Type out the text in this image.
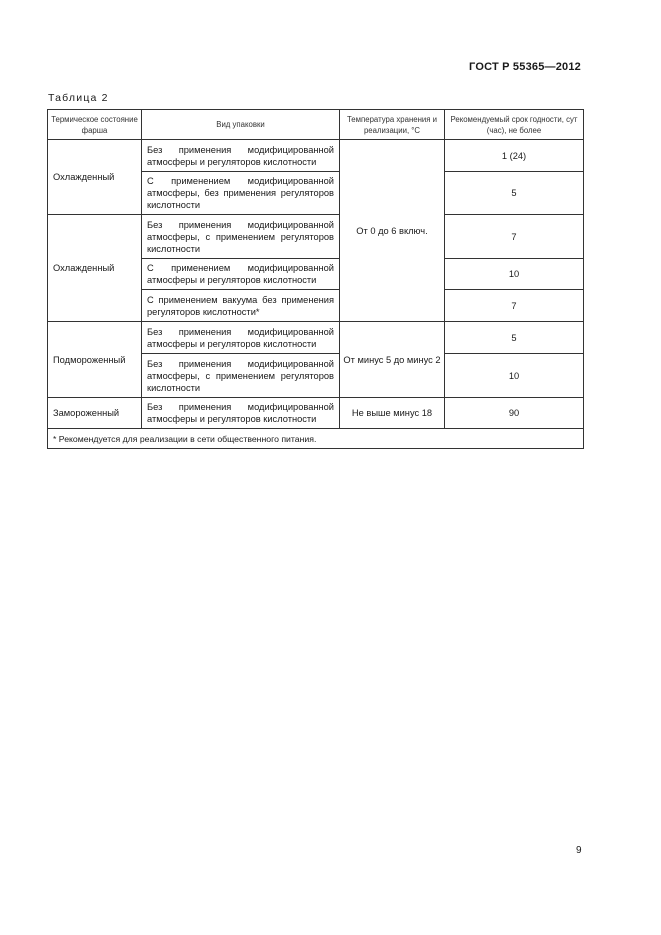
ГОСТ Р 55365—2012
Таблица 2
Термическое состояние фарша	Вид упаковки	Температура хранения и реализации, °С	Рекомендуемый срок годности, сут (час), не более
Охлажденный	Без применения модифицированной атмосферы и регуляторов кислотности	От 0 до 6 включ.	1 (24)
	С применением модифицированной атмосферы, без применения регуляторов кислотности		5
Охлажденный	Без применения модифицированной атмосферы, с применением регуляторов кислотности		7
	С применением модифицированной атмосферы и регуляторов кислотности		10
	С применением вакуума без применения регуляторов кислотности*		7
Подмороженный	Без применения модифицированной атмосферы и регуляторов кислотности	От минус 5 до минус 2	5
	Без применения модифицированной атмосферы, с применением регуляторов кислотности		10
Замороженный	Без применения модифицированной атмосферы и регуляторов кислотности	Не выше минус 18	90
* Рекомендуется для реализации в сети общественного питания.			
9
